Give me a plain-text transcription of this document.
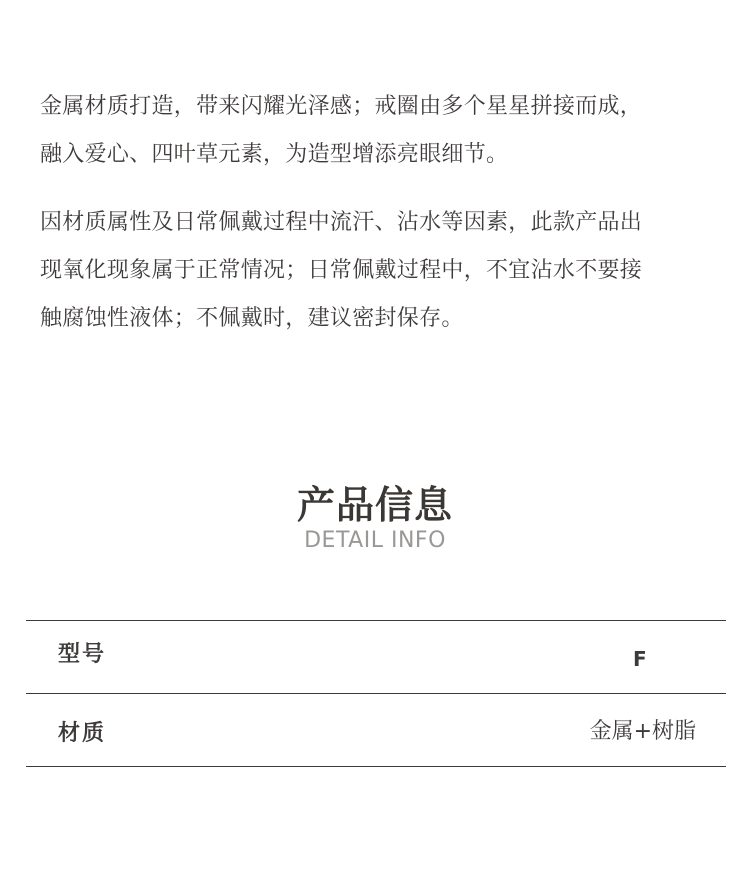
金属材质打造，带来闪耀光泽感；戒圈由多个星星拼接而成，
融入爱心、四叶草元素，为造型增添亮眼细节。
因材质属性及日常佩戴过程中流汗、沾水等因素，此款产品出
现氧化现象属于正常情况；日常佩戴过程中，不宜沾水不要接
触腐蚀性液体；不佩戴时，建议密封保存。
产品信息
DETAIL INFO
型号	F
材质	金属+树脂
